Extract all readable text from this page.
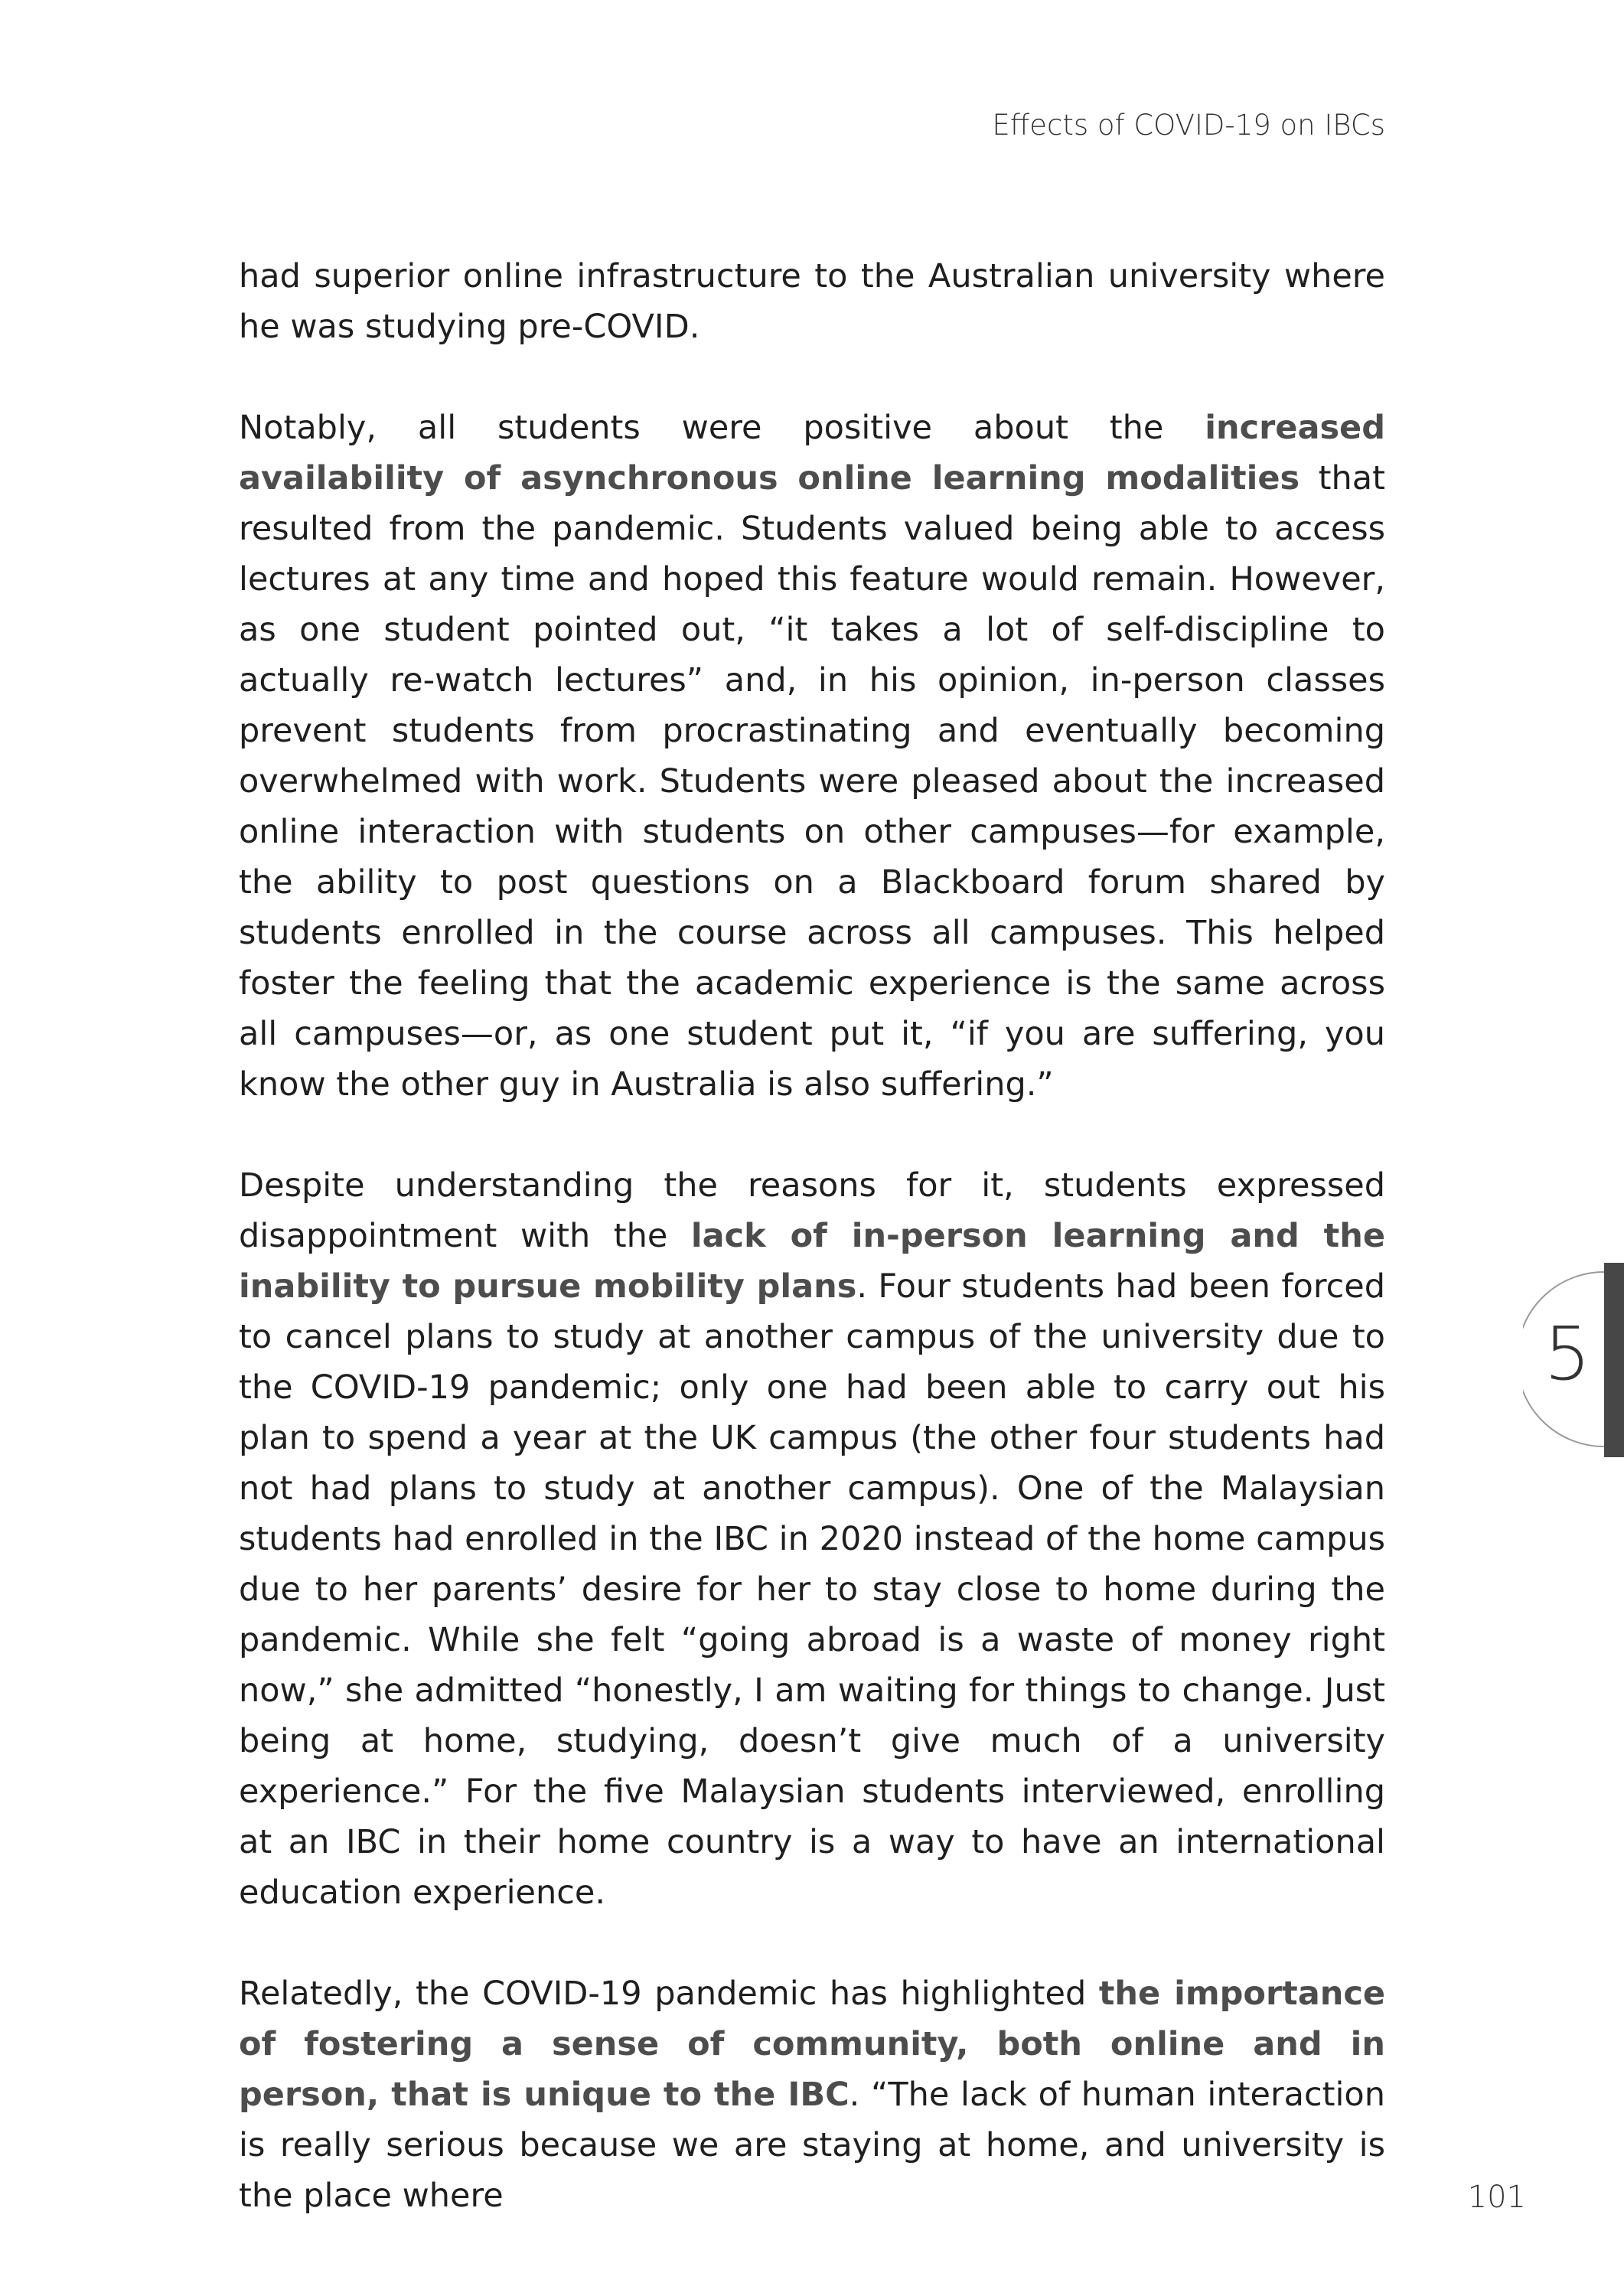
Effects of COVID-19 on IBCs

had superior online infrastructure to the Australian university where he was studying pre-COVID.

Notably, all students were positive about the increased availability of asynchronous online learning modalities that resulted from the pandemic. Students valued being able to access lectures at any time and hoped this feature would remain. However, as one student pointed out, “it takes a lot of self-discipline to actually re-watch lectures” and, in his opinion, in-person classes prevent students from procrastinating and eventually becoming overwhelmed with work. Students were pleased about the increased online interaction with students on other campuses—for example, the ability to post questions on a Blackboard forum shared by students enrolled in the course across all campuses. This helped foster the feeling that the academic experience is the same across all campuses—or, as one student put it, “if you are suffering, you know the other guy in Australia is also suffering.”

Despite understanding the reasons for it, students expressed disappointment with the lack of in-person learning and the inability to pursue mobility plans. Four students had been forced to cancel plans to study at another campus of the university due to the COVID-19 pandemic; only one had been able to carry out his plan to spend a year at the UK campus (the other four students had not had plans to study at another campus). One of the Malaysian students had enrolled in the IBC in 2020 instead of the home campus due to her parents’ desire for her to stay close to home during the pandemic. While she felt “going abroad is a waste of money right now,” she admitted “honestly, I am waiting for things to change. Just being at home, studying, doesn’t give much of a university experience.” For the five Malaysian students interviewed, enrolling at an IBC in their home country is a way to have an international education experience.

Relatedly, the COVID-19 pandemic has highlighted the importance of fostering a sense of community, both online and in person, that is unique to the IBC. “The lack of human interaction is really serious because we are staying at home, and university is the place where

5
101
